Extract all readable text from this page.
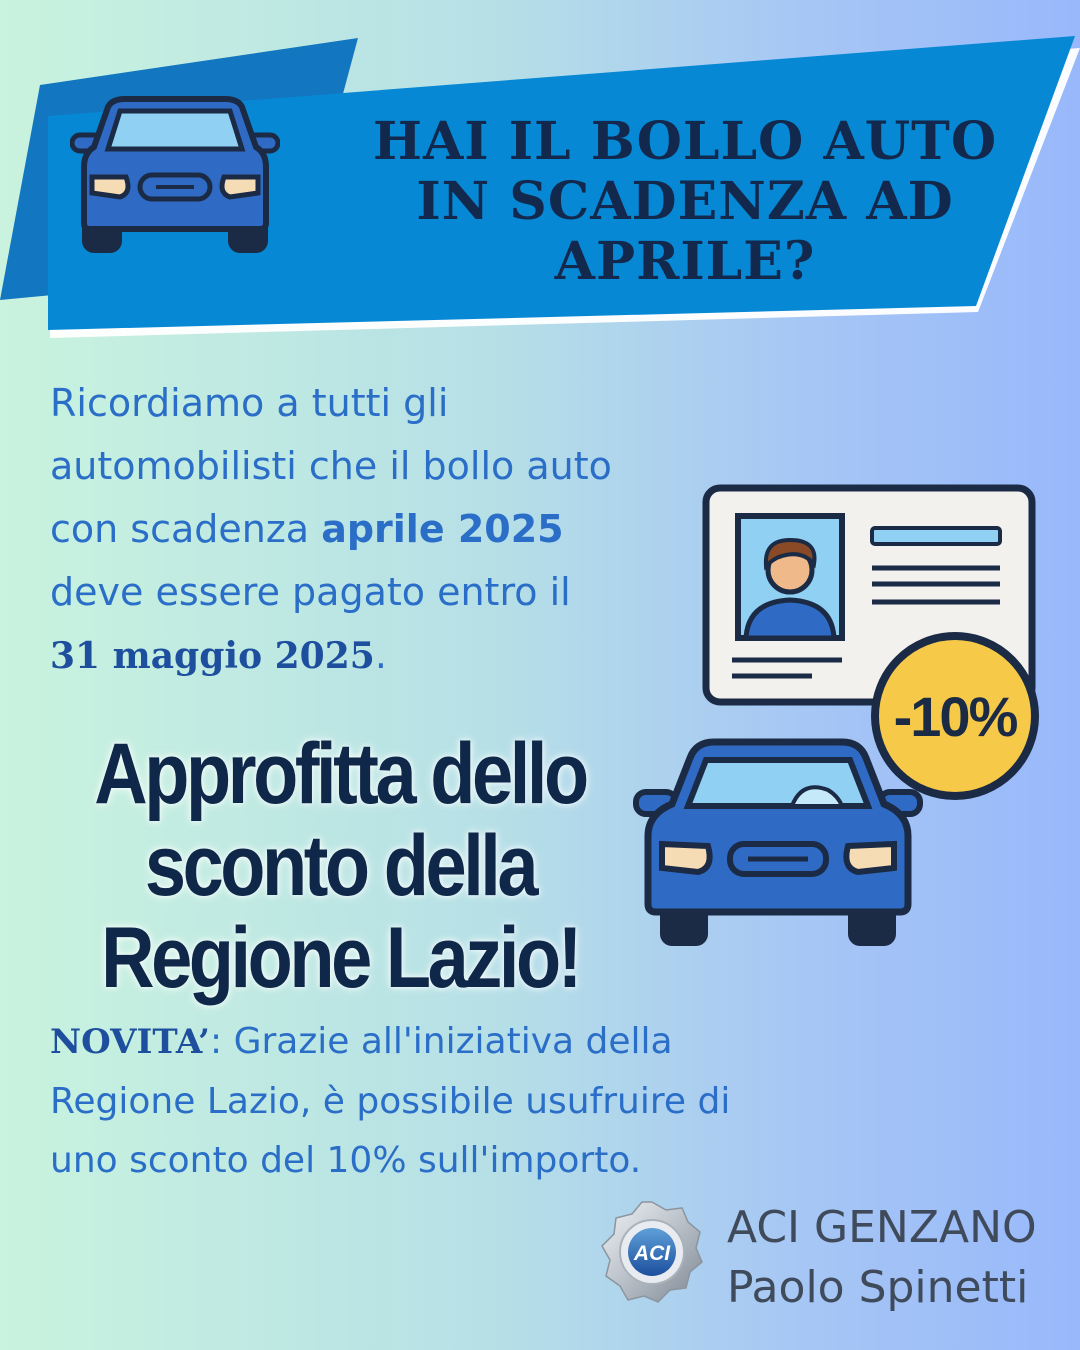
HAI IL BOLLO AUTO
IN SCADENZA AD
APRILE?

Ricordiamo a tutti gli
automobilisti che il bollo auto
con scadenza aprile 2025
deve essere pagato entro il
31 maggio 2025.

-10%
Approfitta dello
sconto della
Regione Lazio!

NOVITA’: Grazie all'iniziativa della
Regione Lazio, è possibile usufruire di
uno sconto del 10% sull'importo.

ACI

ACI GENZANO
Paolo Spinetti
